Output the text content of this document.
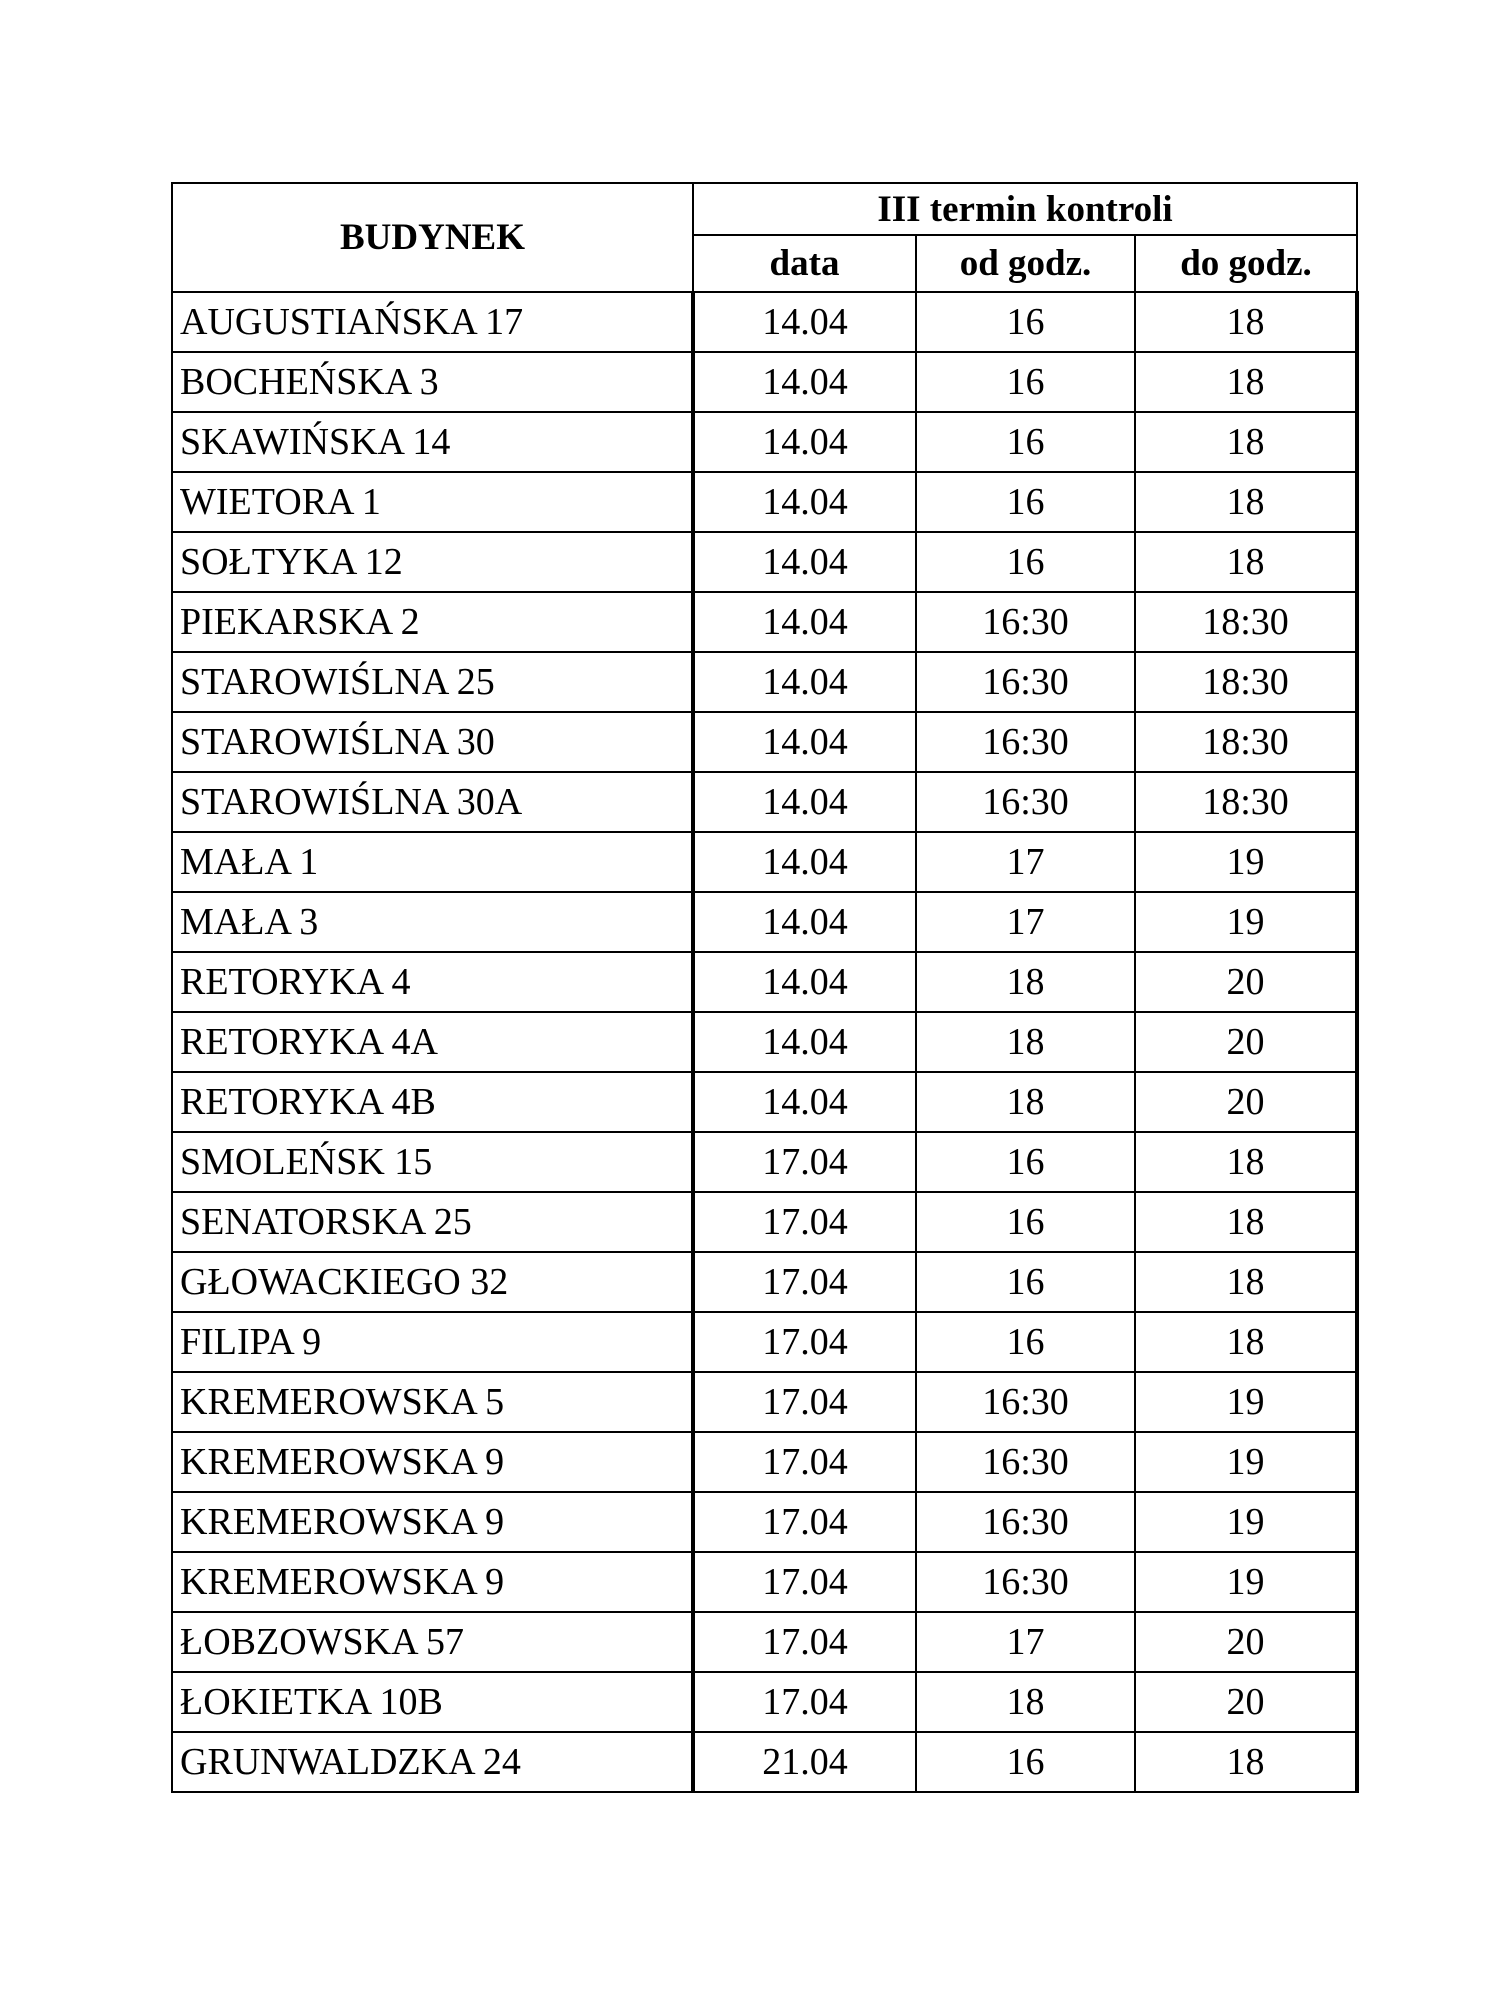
BUDYNEK	III termin kontroli		
	data	od godz.	do godz.
AUGUSTIAŃSKA 17	14.04	16	18
BOCHEŃSKA 3	14.04	16	18
SKAWIŃSKA 14	14.04	16	18
WIETORA 1	14.04	16	18
SOŁTYKA 12	14.04	16	18
PIEKARSKA 2	14.04	16:30	18:30
STAROWIŚLNA 25	14.04	16:30	18:30
STAROWIŚLNA 30	14.04	16:30	18:30
STAROWIŚLNA 30A	14.04	16:30	18:30
MAŁA 1	14.04	17	19
MAŁA 3	14.04	17	19
RETORYKA 4	14.04	18	20
RETORYKA 4A	14.04	18	20
RETORYKA 4B	14.04	18	20
SMOLEŃSK 15	17.04	16	18
SENATORSKA 25	17.04	16	18
GŁOWACKIEGO 32	17.04	16	18
FILIPA 9	17.04	16	18
KREMEROWSKA 5	17.04	16:30	19
KREMEROWSKA 9	17.04	16:30	19
KREMEROWSKA 9	17.04	16:30	19
KREMEROWSKA 9	17.04	16:30	19
ŁOBZOWSKA 57	17.04	17	20
ŁOKIETKA 10B	17.04	18	20
GRUNWALDZKA 24	21.04	16	18
